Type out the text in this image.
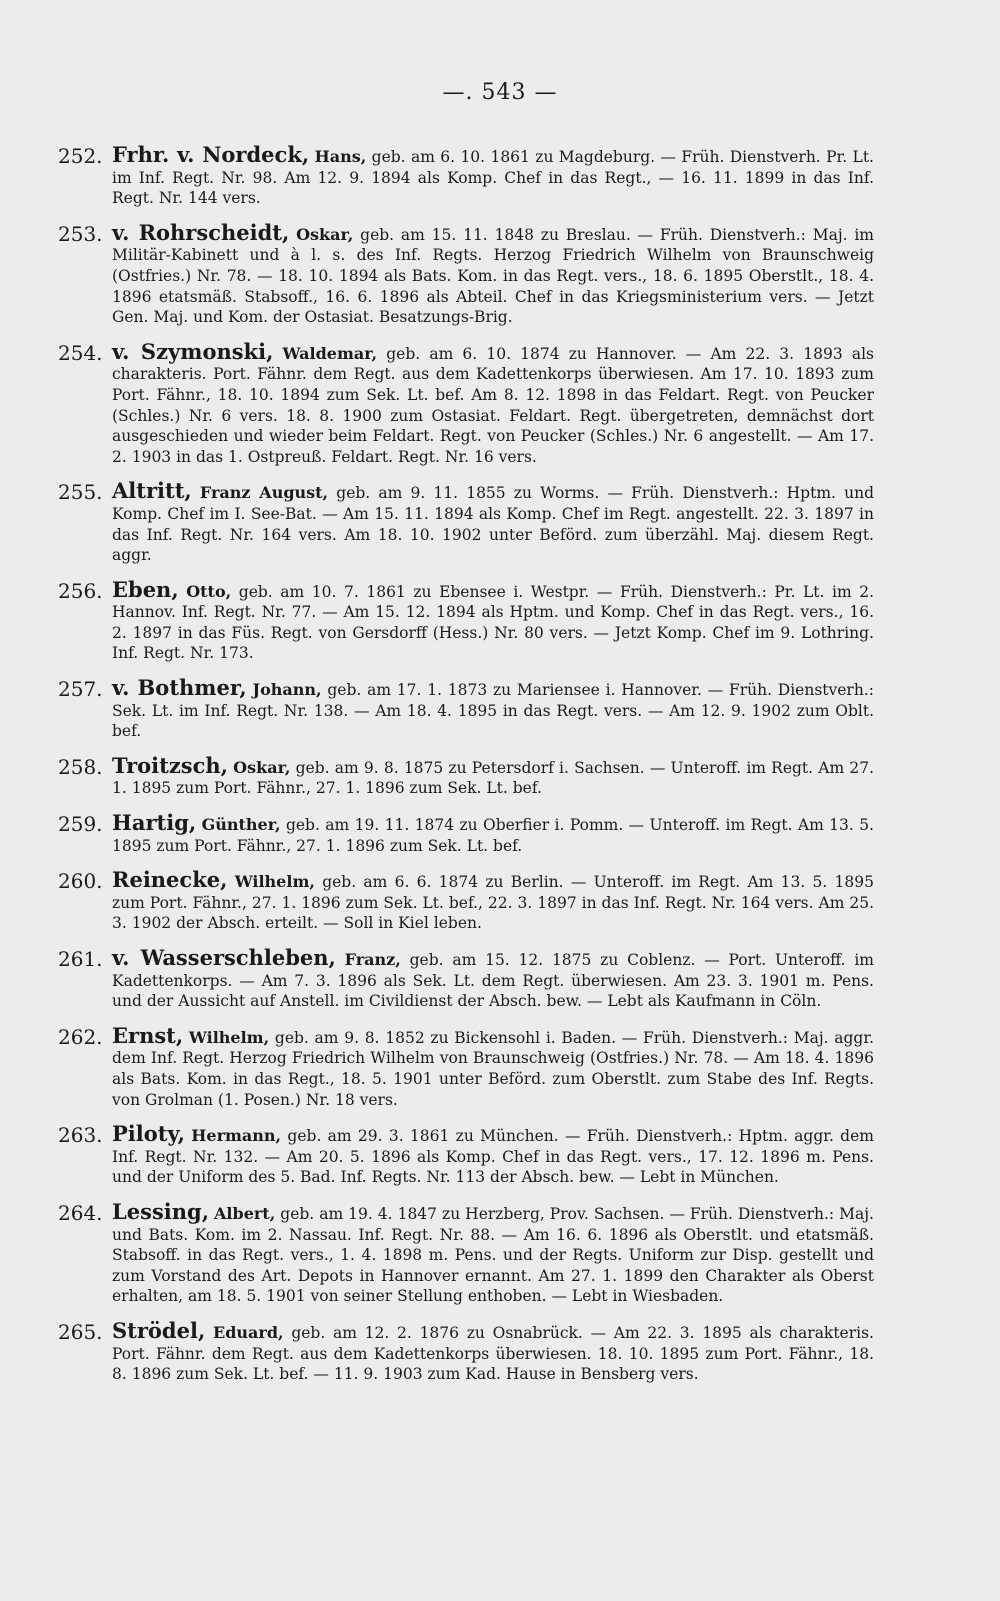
—. 543 —
252. Frhr. v. Nordeck, Hans, geb. am 6. 10. 1861 zu Magdeburg. — Früh. Dienstverh. Pr. Lt. im Inf. Regt. Nr. 98. Am 12. 9. 1894 als Komp. Chef in das Regt., — 16. 11. 1899 in das Inf. Regt. Nr. 144 vers.
253. v. Rohrscheidt, Oskar, geb. am 15. 11. 1848 zu Breslau. — Früh. Dienstverh.: Maj. im Militär-Kabinett und à l. s. des Inf. Regts. Herzog Friedrich Wilhelm von Braunschweig (Ostfries.) Nr. 78. — 18. 10. 1894 als Bats. Kom. in das Regt. vers., 18. 6. 1895 Oberstlt., 18. 4. 1896 etatsmäß. Stabsoff., 16. 6. 1896 als Abteil. Chef in das Kriegsministerium vers. — Jetzt Gen. Maj. und Kom. der Ostasiat. Besatzungs-Brig.
254. v. Szymonski, Waldemar, geb. am 6. 10. 1874 zu Hannover. — Am 22. 3. 1893 als charakteris. Port. Fähnr. dem Regt. aus dem Kadettenkorps überwiesen. Am 17. 10. 1893 zum Port. Fähnr., 18. 10. 1894 zum Sek. Lt. bef. Am 8. 12. 1898 in das Feldart. Regt. von Peucker (Schles.) Nr. 6 vers. 18. 8. 1900 zum Ostasiat. Feldart. Regt. übergetreten, demnächst dort ausgeschieden und wieder beim Feldart. Regt. von Peucker (Schles.) Nr. 6 angestellt. — Am 17. 2. 1903 in das 1. Ostpreuß. Feldart. Regt. Nr. 16 vers.
255. Altritt, Franz August, geb. am 9. 11. 1855 zu Worms. — Früh. Dienstverh.: Hptm. und Komp. Chef im I. See-Bat. — Am 15. 11. 1894 als Komp. Chef im Regt. angestellt. 22. 3. 1897 in das Inf. Regt. Nr. 164 vers. Am 18. 10. 1902 unter Beförd. zum überzähl. Maj. diesem Regt. aggr.
256. Eben, Otto, geb. am 10. 7. 1861 zu Ebensee i. Westpr. — Früh. Dienstverh.: Pr. Lt. im 2. Hannov. Inf. Regt. Nr. 77. — Am 15. 12. 1894 als Hptm. und Komp. Chef in das Regt. vers., 16. 2. 1897 in das Füs. Regt. von Gersdorff (Hess.) Nr. 80 vers. — Jetzt Komp. Chef im 9. Lothring. Inf. Regt. Nr. 173.
257. v. Bothmer, Johann, geb. am 17. 1. 1873 zu Mariensee i. Hannover. — Früh. Dienstverh.: Sek. Lt. im Inf. Regt. Nr. 138. — Am 18. 4. 1895 in das Regt. vers. — Am 12. 9. 1902 zum Oblt. bef.
258. Troitzsch, Oskar, geb. am 9. 8. 1875 zu Petersdorf i. Sachsen. — Unteroff. im Regt. Am 27. 1. 1895 zum Port. Fähnr., 27. 1. 1896 zum Sek. Lt. bef.
259. Hartig, Günther, geb. am 19. 11. 1874 zu Oberfier i. Pomm. — Unteroff. im Regt. Am 13. 5. 1895 zum Port. Fähnr., 27. 1. 1896 zum Sek. Lt. bef.
260. Reinecke, Wilhelm, geb. am 6. 6. 1874 zu Berlin. — Unteroff. im Regt. Am 13. 5. 1895 zum Port. Fähnr., 27. 1. 1896 zum Sek. Lt. bef., 22. 3. 1897 in das Inf. Regt. Nr. 164 vers. Am 25. 3. 1902 der Absch. erteilt. — Soll in Kiel leben.
261. v. Wasserschleben, Franz, geb. am 15. 12. 1875 zu Coblenz. — Port. Unteroff. im Kadettenkorps. — Am 7. 3. 1896 als Sek. Lt. dem Regt. überwiesen. Am 23. 3. 1901 m. Pens. und der Aussicht auf Anstell. im Civildienst der Absch. bew. — Lebt als Kaufmann in Cöln.
262. Ernst, Wilhelm, geb. am 9. 8. 1852 zu Bickensohl i. Baden. — Früh. Dienstverh.: Maj. aggr. dem Inf. Regt. Herzog Friedrich Wilhelm von Braunschweig (Ostfries.) Nr. 78. — Am 18. 4. 1896 als Bats. Kom. in das Regt., 18. 5. 1901 unter Beförd. zum Oberstlt. zum Stabe des Inf. Regts. von Grolman (1. Posen.) Nr. 18 vers.
263. Piloty, Hermann, geb. am 29. 3. 1861 zu München. — Früh. Dienstverh.: Hptm. aggr. dem Inf. Regt. Nr. 132. — Am 20. 5. 1896 als Komp. Chef in das Regt. vers., 17. 12. 1896 m. Pens. und der Uniform des 5. Bad. Inf. Regts. Nr. 113 der Absch. bew. — Lebt in München.
264. Lessing, Albert, geb. am 19. 4. 1847 zu Herzberg, Prov. Sachsen. — Früh. Dienstverh.: Maj. und Bats. Kom. im 2. Nassau. Inf. Regt. Nr. 88. — Am 16. 6. 1896 als Oberstlt. und etatsmäß. Stabsoff. in das Regt. vers., 1. 4. 1898 m. Pens. und der Regts. Uniform zur Disp. gestellt und zum Vorstand des Art. Depots in Hannover ernannt. Am 27. 1. 1899 den Charakter als Oberst erhalten, am 18. 5. 1901 von seiner Stellung enthoben. — Lebt in Wiesbaden.
265. Strödel, Eduard, geb. am 12. 2. 1876 zu Osnabrück. — Am 22. 3. 1895 als charakteris. Port. Fähnr. dem Regt. aus dem Kadettenkorps überwiesen. 18. 10. 1895 zum Port. Fähnr., 18. 8. 1896 zum Sek. Lt. bef. — 11. 9. 1903 zum Kad. Hause in Bensberg vers.
